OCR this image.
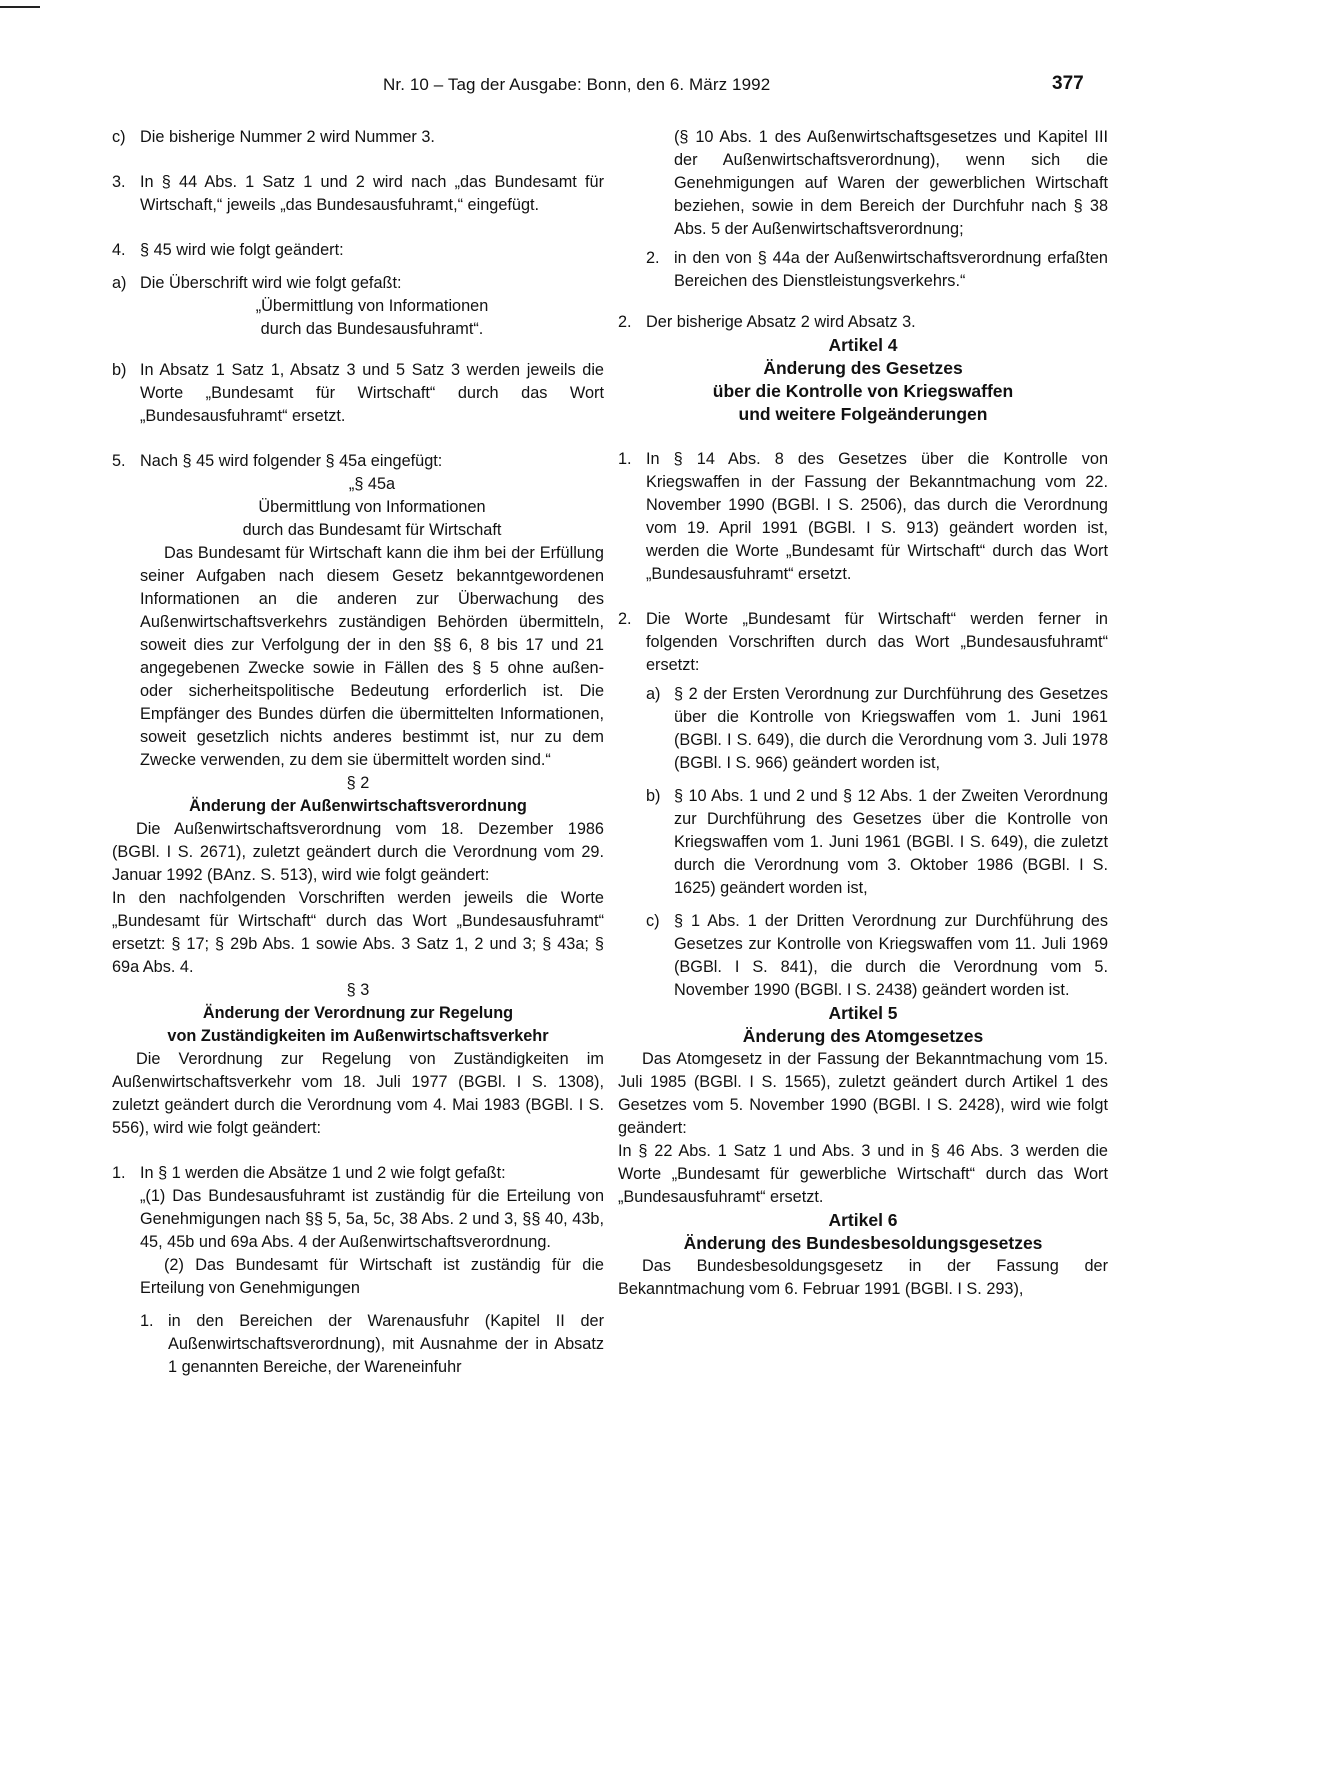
Nr. 10 – Tag der Ausgabe: Bonn, den 6. März 1992	377
c) Die bisherige Nummer 2 wird Nummer 3.

3. In § 44 Abs. 1 Satz 1 und 2 wird nach „das Bundesamt für Wirtschaft,“ jeweils „das Bundesausfuhramt,“ eingefügt.

4. § 45 wird wie folgt geändert:

a) Die Überschrift wird wie folgt gefaßt:

„Übermittlung von Informationen

durch das Bundesausfuhramt“.

b) In Absatz 1 Satz 1, Absatz 3 und 5 Satz 3 werden jeweils die Worte „Bundesamt für Wirtschaft“ durch das Wort „Bundesausfuhramt“ ersetzt.

5. Nach § 45 wird folgender § 45a eingefügt:

„§ 45a

Übermittlung von Informationen

durch das Bundesamt für Wirtschaft

Das Bundesamt für Wirtschaft kann die ihm bei der Erfüllung seiner Aufgaben nach diesem Gesetz bekanntgewordenen Informationen an die anderen zur Überwachung des Außenwirtschaftsverkehrs zuständigen Behörden übermitteln, soweit dies zur Verfolgung der in den §§ 6, 8 bis 17 und 21 angegebenen Zwecke sowie in Fällen des § 5 ohne außen- oder sicherheitspolitische Bedeutung erforderlich ist. Die Empfänger des Bundes dürfen die übermittelten Informationen, soweit gesetzlich nichts anderes bestimmt ist, nur zu dem Zwecke verwenden, zu dem sie übermittelt worden sind.“

§ 2

Änderung der Außenwirtschaftsverordnung

Die Außenwirtschaftsverordnung vom 18. Dezember 1986 (BGBl. I S. 2671), zuletzt geändert durch die Verordnung vom 29. Januar 1992 (BAnz. S. 513), wird wie folgt geändert:

In den nachfolgenden Vorschriften werden jeweils die Worte „Bundesamt für Wirtschaft“ durch das Wort „Bundesausfuhramt“ ersetzt: § 17; § 29b Abs. 1 sowie Abs. 3 Satz 1, 2 und 3; § 43a; § 69a Abs. 4.

§ 3

Änderung der Verordnung zur Regelung

von Zuständigkeiten im Außenwirtschaftsverkehr

Die Verordnung zur Regelung von Zuständigkeiten im Außenwirtschaftsverkehr vom 18. Juli 1977 (BGBl. I S. 1308), zuletzt geändert durch die Verordnung vom 4. Mai 1983 (BGBl. I S. 556), wird wie folgt geändert:

1. In § 1 werden die Absätze 1 und 2 wie folgt gefaßt:

„(1) Das Bundesausfuhramt ist zuständig für die Erteilung von Genehmigungen nach §§ 5, 5a, 5c, 38 Abs. 2 und 3, §§ 40, 43b, 45, 45b und 69a Abs. 4 der Außenwirtschaftsverordnung.

(2) Das Bundesamt für Wirtschaft ist zuständig für die Erteilung von Genehmigungen

1. in den Bereichen der Warenausfuhr (Kapitel II der Außenwirtschaftsverordnung), mit Ausnahme der in Absatz 1 genannten Bereiche, der Wareneinfuhr

(§ 10 Abs. 1 des Außenwirtschaftsgesetzes und Kapitel III der Außenwirtschaftsverordnung), wenn sich die Genehmigungen auf Waren der gewerblichen Wirtschaft beziehen, sowie in dem Bereich der Durchfuhr nach § 38 Abs. 5 der Außenwirtschaftsverordnung;

2. in den von § 44a der Außenwirtschaftsverordnung erfaßten Bereichen des Dienstleistungsverkehrs.“

2. Der bisherige Absatz 2 wird Absatz 3.

Artikel 4

Änderung des Gesetzes

über die Kontrolle von Kriegswaffen

und weitere Folgeänderungen

1. In § 14 Abs. 8 des Gesetzes über die Kontrolle von Kriegswaffen in der Fassung der Bekanntmachung vom 22. November 1990 (BGBl. I S. 2506), das durch die Verordnung vom 19. April 1991 (BGBl. I S. 913) geändert worden ist, werden die Worte „Bundesamt für Wirtschaft“ durch das Wort „Bundesausfuhramt“ ersetzt.

2. Die Worte „Bundesamt für Wirtschaft“ werden ferner in folgenden Vorschriften durch das Wort „Bundesausfuhramt“ ersetzt:

a) § 2 der Ersten Verordnung zur Durchführung des Gesetzes über die Kontrolle von Kriegswaffen vom 1. Juni 1961 (BGBl. I S. 649), die durch die Verordnung vom 3. Juli 1978 (BGBl. I S. 966) geändert worden ist,

b) § 10 Abs. 1 und 2 und § 12 Abs. 1 der Zweiten Verordnung zur Durchführung des Gesetzes über die Kontrolle von Kriegswaffen vom 1. Juni 1961 (BGBl. I S. 649), die zuletzt durch die Verordnung vom 3. Oktober 1986 (BGBl. I S. 1625) geändert worden ist,

c) § 1 Abs. 1 der Dritten Verordnung zur Durchführung des Gesetzes zur Kontrolle von Kriegswaffen vom 11. Juli 1969 (BGBl. I S. 841), die durch die Verordnung vom 5. November 1990 (BGBl. I S. 2438) geändert worden ist.

Artikel 5

Änderung des Atomgesetzes

Das Atomgesetz in der Fassung der Bekanntmachung vom 15. Juli 1985 (BGBl. I S. 1565), zuletzt geändert durch Artikel 1 des Gesetzes vom 5. November 1990 (BGBl. I S. 2428), wird wie folgt geändert:

In § 22 Abs. 1 Satz 1 und Abs. 3 und in § 46 Abs. 3 werden die Worte „Bundesamt für gewerbliche Wirtschaft“ durch das Wort „Bundesausfuhramt“ ersetzt.

Artikel 6

Änderung des Bundesbesoldungsgesetzes

Das Bundesbesoldungsgesetz in der Fassung der Bekanntmachung vom 6. Februar 1991 (BGBl. I S. 293),
